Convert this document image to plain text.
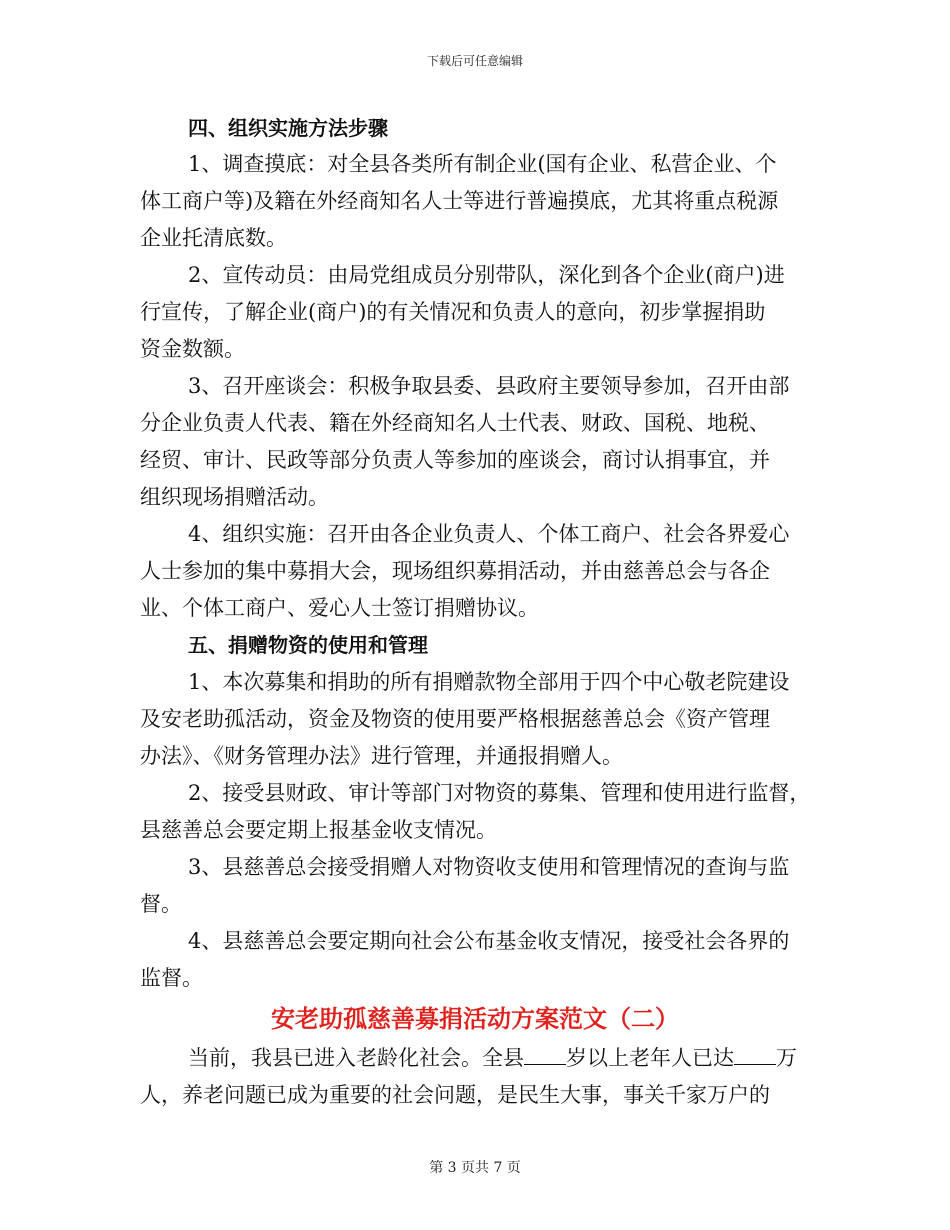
下载后可任意编辑
四、组织实施方法步骤
1、调查摸底：对全县各类所有制企业(国有企业、私营企业、个
体工商户等)及籍在外经商知名人士等进行普遍摸底，尤其将重点税源
企业托清底数。
2、宣传动员：由局党组成员分别带队，深化到各个企业(商户)进
行宣传，了解企业(商户)的有关情况和负责人的意向，初步掌握捐助
资金数额。
3、召开座谈会：积极争取县委、县政府主要领导参加，召开由部
分企业负责人代表、籍在外经商知名人士代表、财政、国税、地税、
经贸、审计、民政等部分负责人等参加的座谈会，商讨认捐事宜，并
组织现场捐赠活动。
4、组织实施：召开由各企业负责人、个体工商户、社会各界爱心
人士参加的集中募捐大会，现场组织募捐活动，并由慈善总会与各企
业、个体工商户、爱心人士签订捐赠协议。
五、捐赠物资的使用和管理
1、本次募集和捐助的所有捐赠款物全部用于四个中心敬老院建设
及安老助孤活动，资金及物资的使用要严格根据慈善总会《资产管理
办法》、《财务管理办法》进行管理，并通报捐赠人。
2、接受县财政、审计等部门对物资的募集、管理和使用进行监督，
县慈善总会要定期上报基金收支情况。
3、县慈善总会接受捐赠人对物资收支使用和管理情况的查询与监
督。
4、县慈善总会要定期向社会公布基金收支情况，接受社会各界的
监督。
安老助孤慈善募捐活动方案范文（二）
当前，我县已进入老龄化社会。全县 岁以上老年人已达 万
人，养老问题已成为重要的社会问题，是民生大事，事关千家万户的
第 3 页共 7 页
